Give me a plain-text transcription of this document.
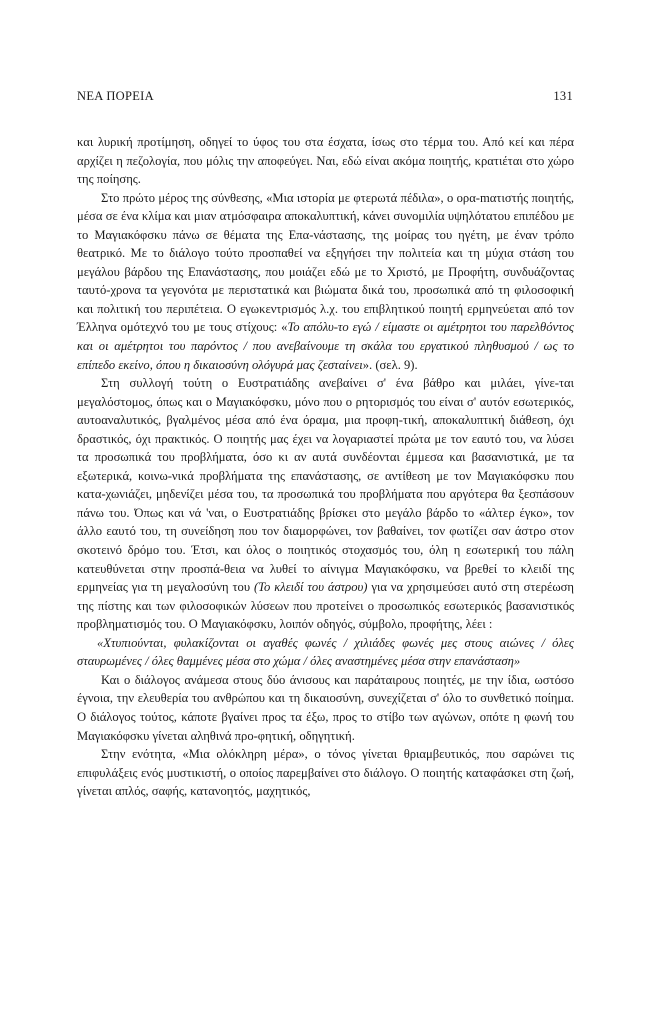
ΝΕΑ ΠΟΡΕΙΑ	131

και λυρική προτίμηση, οδηγεί το ύφος του στα έσχατα, ίσως στο τέρμα του. Από κεί και πέρα αρχίζει η πεζολογία, που μόλις την αποφεύγει. Ναι, εδώ είναι ακόμα ποιητής, κρατιέται στο χώρο της ποίησης.

Στο πρώτο μέρος της σύνθεσης, «Μια ιστορία με φτερωτά πέδιλα», ο ορα-mατιστής ποιητής, μέσα σε ένα κλίμα και μιαν ατμόσφαιρα αποκαλυπτική, κάνει συνομιλία υψηλότατου επιπέδου με το Μαγιακόφσκυ πάνω σε θέματα της Επα-νάστασης, της μοίρας του ηγέτη, με έναν τρόπο θεατρικό. Με το διάλογο τούτο προσπαθεί να εξηγήσει την πολιτεία και τη μύχια στάση του μεγάλου βάρδου της Επανάστασης, που μοιάζει εδώ με το Χριστό, με Προφήτη, συνδυάζοντας ταυτό-χρονα τα γεγονότα με περιστατικά και βιώματα δικά του, προσωπικά από τη φιλοσοφική και πολιτική του περιπέτεια. Ο εγωκεντρισμός λ.χ. του επιβλητικού ποιητή ερμηνεύεται από τον Έλληνα ομότεχνό του με τους στίχους: «Το απόλυ-το εγώ / είμαστε οι αμέτρητοι του παρελθόντος και οι αμέτρητοι του παρόντος / που ανεβαίνουμε τη σκάλα του εργατικού πληθυσμού / ως το επίπεδο εκείνο, όπου η δικαιοσύνη ολόγυρά μας ζεσταίνει». (σελ. 9).

Στη συλλογή τούτη ο Ευστρατιάδης ανεβαίνει σ' ένα βάθρο και μιλάει, γίνε-ται μεγαλόστομος, όπως και ο Μαγιακόφσκυ, μόνο που ο ρητορισμός του είναι σ' αυτόν εσωτερικός, αυτοαναλυτικός, βγαλμένος μέσα από ένα όραμα, μια προφη-τική, αποκαλυπτική διάθεση, όχι δραστικός, όχι πρακτικός. Ο ποιητής μας έχει να λογαριαστεί πρώτα με τον εαυτό του, να λύσει τα προσωπικά του προβλήματα, όσο κι αν αυτά συνδέονται έμμεσα και βασανιστικά, με τα εξωτερικά, κοινω-νικά προβλήματα της επανάστασης, σε αντίθεση με τον Μαγιακόφσκυ που κατα-χωνιάζει, μηδενίζει μέσα του, τα προσωπικά του προβλήματα που αργότερα θα ξεσπάσουν πάνω του. Όπως και νά 'ναι, ο Ευστρατιάδης βρίσκει στο μεγάλο βάρδο το «άλτερ έγκο», τον άλλο εαυτό του, τη συνείδηση που τον διαμορφώνει, τον βαθαίνει, τον φωτίζει σαν άστρο στον σκοτεινό δρόμο του. Έτσι, και όλος ο ποιητικός στοχασμός του, όλη η εσωτερική του πάλη κατευθύνεται στην προσπά-θεια να λυθεί το αίνιγμα Μαγιακόφσκυ, να βρεθεί το κλειδί της ερμηνείας για τη μεγαλοσύνη του (Το κλειδί του άστρου) για να χρησιμεύσει αυτό στη στερέωση της πίστης και των φιλοσοφικών λύσεων που προτείνει ο προσωπικός εσωτερικός βασανιστικός προβληματισμός του. Ο Μαγιακόφσκυ, λοιπόν οδηγός, σύμβολο, προφήτης, λέει :

«Χτυπιούνται, φυλακίζονται οι αγαθές φωνές / χιλιάδες φωνές μες στους αιώνες / όλες σταυρωμένες / όλες θαμμένες μέσα στο χώμα / όλες αναστημένες μέσα στην επανάσταση»

Και ο διάλογος ανάμεσα στους δύο άνισους και παράταιρους ποιητές, με την ίδια, ωστόσο έγνοια, την ελευθερία του ανθρώπου και τη δικαιοσύνη, συνεχίζεται σ' όλο το συνθετικό ποίημα. Ο διάλογος τούτος, κάποτε βγαίνει προς τα έξω, προς το στίβο των αγώνων, οπότε η φωνή του Μαγιακόφσκυ γίνεται αληθινά προ-φητική, οδηγητική.

Στην ενότητα, «Μια ολόκληρη μέρα», ο τόνος γίνεται θριαμβευτικός, που σαρώνει τις επιφυλάξεις ενός μυστικιστή, ο οποίος παρεμβαίνει στο διάλογο. Ο ποιητής καταφάσκει στη ζωή, γίνεται απλός, σαφής, κατανοητός, μαχητικός,
